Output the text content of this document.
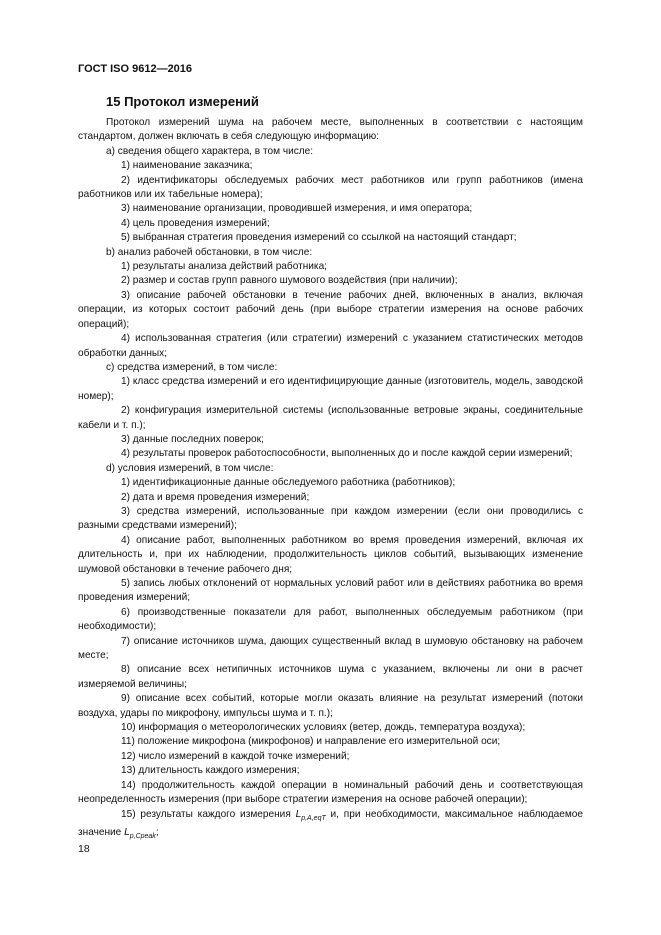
ГОСТ ISO 9612—2016
15 Протокол измерений

Протокол измерений шума на рабочем месте, выполненных в соответствии с настоящим стандартом, должен включать в себя следующую информацию:

a) сведения общего характера, в том числе:

1) наименование заказчика;

2) идентификаторы обследуемых рабочих мест работников или групп работников (имена работников или их табельные номера);

3) наименование организации, проводившей измерения, и имя оператора;

4) цель проведения измерений;

5) выбранная стратегия проведения измерений со ссылкой на настоящий стандарт;

b) анализ рабочей обстановки, в том числе:

1) результаты анализа действий работника;

2) размер и состав групп равного шумового воздействия (при наличии);

3) описание рабочей обстановки в течение рабочих дней, включенных в анализ, включая операции, из которых состоит рабочий день (при выборе стратегии измерения на основе рабочих операций);

4) использованная стратегия (или стратегии) измерений с указанием статистических методов обработки данных;

c) средства измерений, в том числе:

1) класс средства измерений и его идентифицирующие данные (изготовитель, модель, заводской номер);

2) конфигурация измерительной системы (использованные ветровые экраны, соединительные кабели и т. п.);

3) данные последних поверок;

4) результаты проверок работоспособности, выполненных до и после каждой серии измерений;

d) условия измерений, в том числе:

1) идентификационные данные обследуемого работника (работников);

2) дата и время проведения измерений;

3) средства измерений, использованные при каждом измерении (если они проводились с разными средствами измерений);

4) описание работ, выполненных работником во время проведения измерений, включая их длительность и, при их наблюдении, продолжительность циклов событий, вызывающих изменение шумовой обстановки в течение рабочего дня;

5) запись любых отклонений от нормальных условий работ или в действиях работника во время проведения измерений;

6) производственные показатели для работ, выполненных обследуемым работником (при необходимости);

7) описание источников шума, дающих существенный вклад в шумовую обстановку на рабочем месте;

8) описание всех нетипичных источников шума с указанием, включены ли они в расчет измеряемой величины;

9) описание всех событий, которые могли оказать влияние на результат измерений (потоки воздуха, удары по микрофону, импульсы шума и т. п.);

10) информация о метеорологических условиях (ветер, дождь, температура воздуха);

11) положение микрофона (микрофонов) и направление его измерительной оси;

12) число измерений в каждой точке измерений;

13) длительность каждого измерения;

14) продолжительность каждой операции в номинальный рабочий день и соответствующая неопределенность измерения (при выборе стратегии измерения на основе рабочей операции);

15) результаты каждого измерения $L_{p,A,eqT}$ и, при необходимости, максимальное наблюдаемое значение $L_{p,Cpeak}$;

18
